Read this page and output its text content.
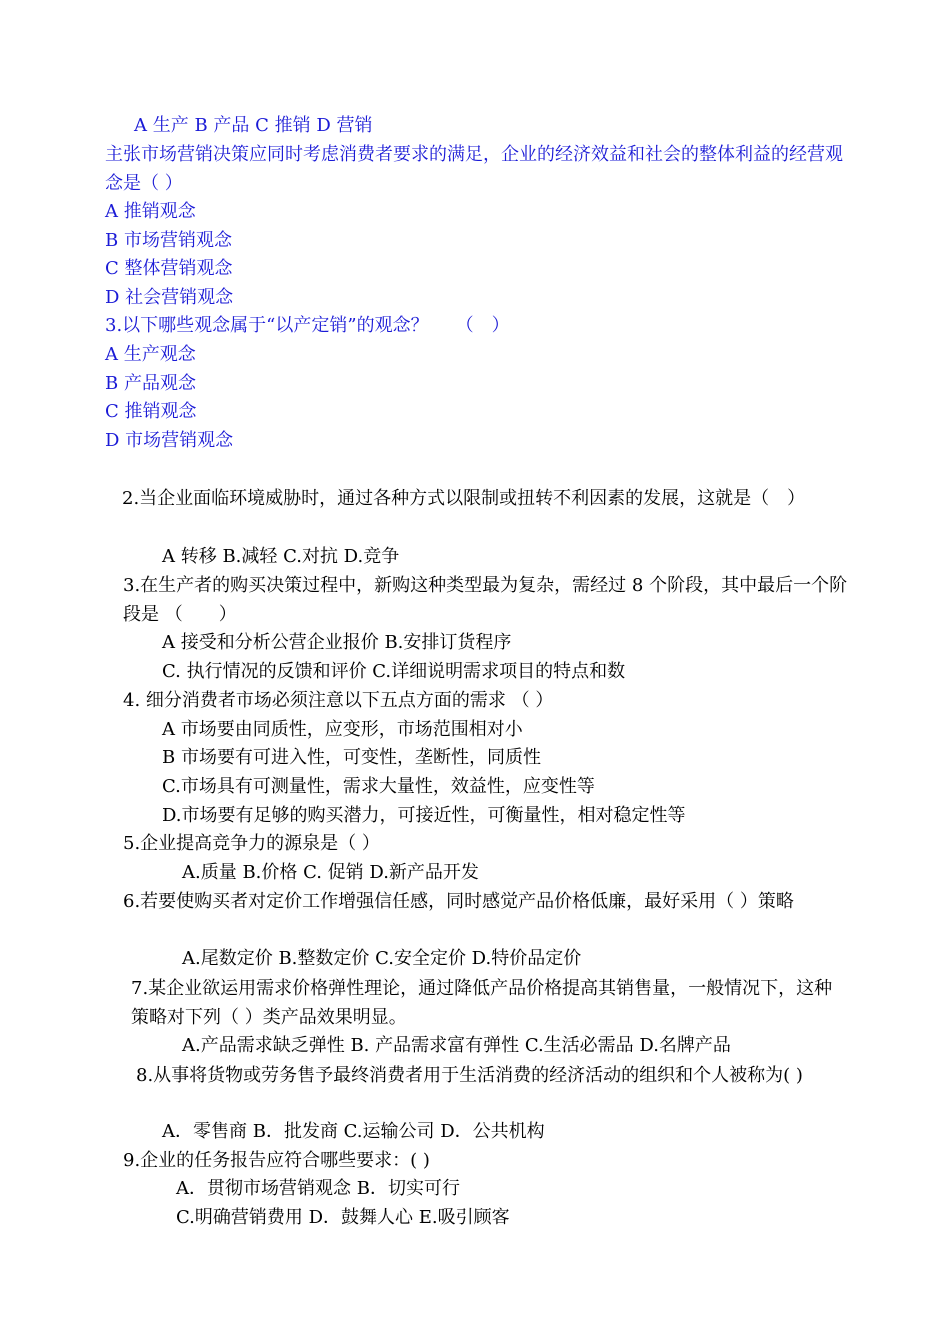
A 生产 B 产品 C 推销 D 营销
主张市场营销决策应同时考虑消费者要求的满足，企业的经济效益和社会的整体利益的经营观念是（ ）
A 推销观念
B 市场营销观念
C 整体营销观念
D 社会营销观念
3.以下哪些观念属于“以产定销”的观念？　　（　）
A 生产观念
B 产品观念
C 推销观念
D 市场营销观念
2.当企业面临环境威胁时，通过各种方式以限制或扭转不利因素的发展，这就是（　）
A 转移 B.减轻 C.对抗 D.竞争
3.在生产者的购买决策过程中，新购这种类型最为复杂，需经过 8 个阶段，其中最后一个阶段是 （　　）
A 接受和分析公营企业报价 B.安排订货程序
C. 执行情况的反馈和评价 C.详细说明需求项目的特点和数
4. 细分消费者市场必须注意以下五点方面的需求 （ ）
A 市场要由同质性，应变形，市场范围相对小
B 市场要有可进入性，可变性，垄断性，同质性
C.市场具有可测量性，需求大量性，效益性，应变性等
D.市场要有足够的购买潜力，可接近性，可衡量性，相对稳定性等
5.企业提高竞争力的源泉是（ ）
A.质量 B.价格 C. 促销 D.新产品开发
6.若要使购买者对定价工作增强信任感，同时感觉产品价格低廉，最好采用（ ）策略
A.尾数定价 B.整数定价 C.安全定价 D.特价品定价
7.某企业欲运用需求价格弹性理论，通过降低产品价格提高其销售量，一般情况下，这种策略对下列（ ）类产品效果明显。
A.产品需求缺乏弹性 B. 产品需求富有弹性 C.生活必需品 D.名牌产品
8.从事将货物或劳务售予最终消费者用于生活消费的经济活动的组织和个人被称为( )
A．零售商 B．批发商 C.运输公司 D．公共机构
9.企业的任务报告应符合哪些要求：( )
A．贯彻市场营销观念 B．切实可行
C.明确营销费用 D．鼓舞人心 E.吸引顾客
